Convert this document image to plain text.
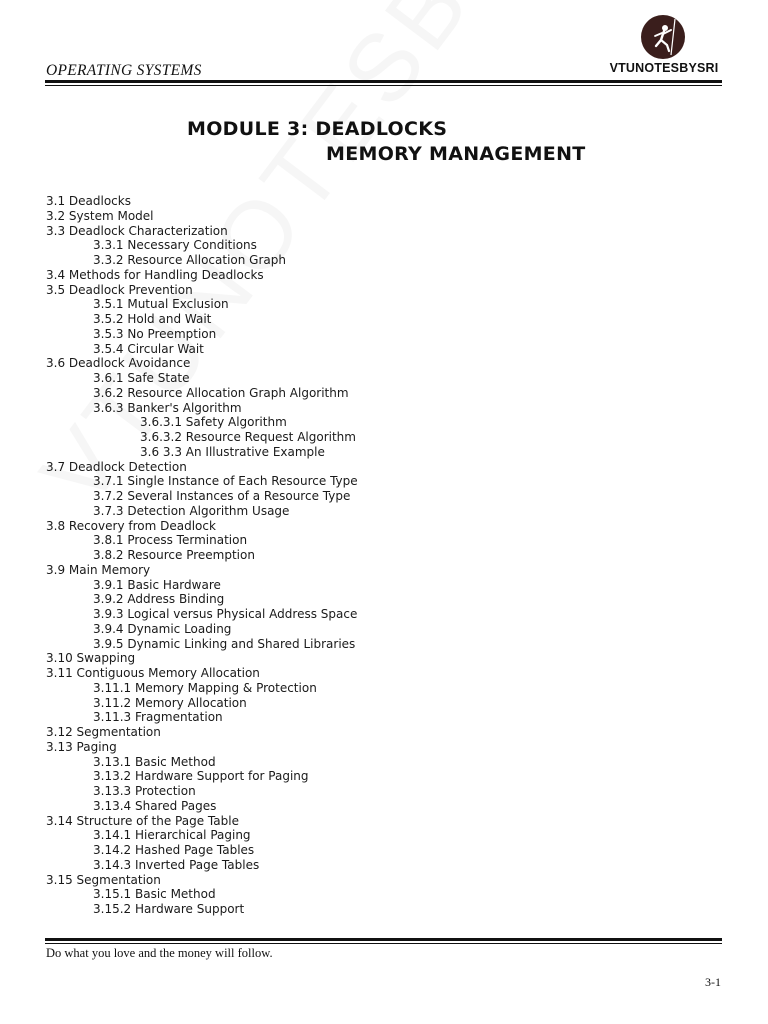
OPERATING SYSTEMS	VTUNOTESBYSRI
MODULE 3: DEADLOCKS
MEMORY MANAGEMENT
3.1 Deadlocks
3.2 System Model
3.3 Deadlock Characterization
3.3.1 Necessary Conditions
3.3.2 Resource Allocation Graph
3.4 Methods for Handling Deadlocks
3.5 Deadlock Prevention
3.5.1 Mutual Exclusion
3.5.2 Hold and Wait
3.5.3 No Preemption
3.5.4 Circular Wait
3.6 Deadlock Avoidance
3.6.1 Safe State
3.6.2 Resource Allocation Graph Algorithm
3.6.3 Banker's Algorithm
3.6.3.1 Safety Algorithm
3.6.3.2 Resource Request Algorithm
3.6 3.3 An Illustrative Example
3.7 Deadlock Detection
3.7.1 Single Instance of Each Resource Type
3.7.2 Several Instances of a Resource Type
3.7.3 Detection Algorithm Usage
3.8 Recovery from Deadlock
3.8.1 Process Termination
3.8.2 Resource Preemption
3.9 Main Memory
3.9.1 Basic Hardware
3.9.2 Address Binding
3.9.3 Logical versus Physical Address Space
3.9.4 Dynamic Loading
3.9.5 Dynamic Linking and Shared Libraries
3.10 Swapping
3.11 Contiguous Memory Allocation
3.11.1 Memory Mapping & Protection
3.11.2 Memory Allocation
3.11.3 Fragmentation
3.12 Segmentation
3.13 Paging
3.13.1 Basic Method
3.13.2 Hardware Support for Paging
3.13.3 Protection
3.13.4 Shared Pages
3.14 Structure of the Page Table
3.14.1 Hierarchical Paging
3.14.2 Hashed Page Tables
3.14.3 Inverted Page Tables
3.15 Segmentation
3.15.1 Basic Method
3.15.2 Hardware Support
Do what you love and the money will follow.
3-1
